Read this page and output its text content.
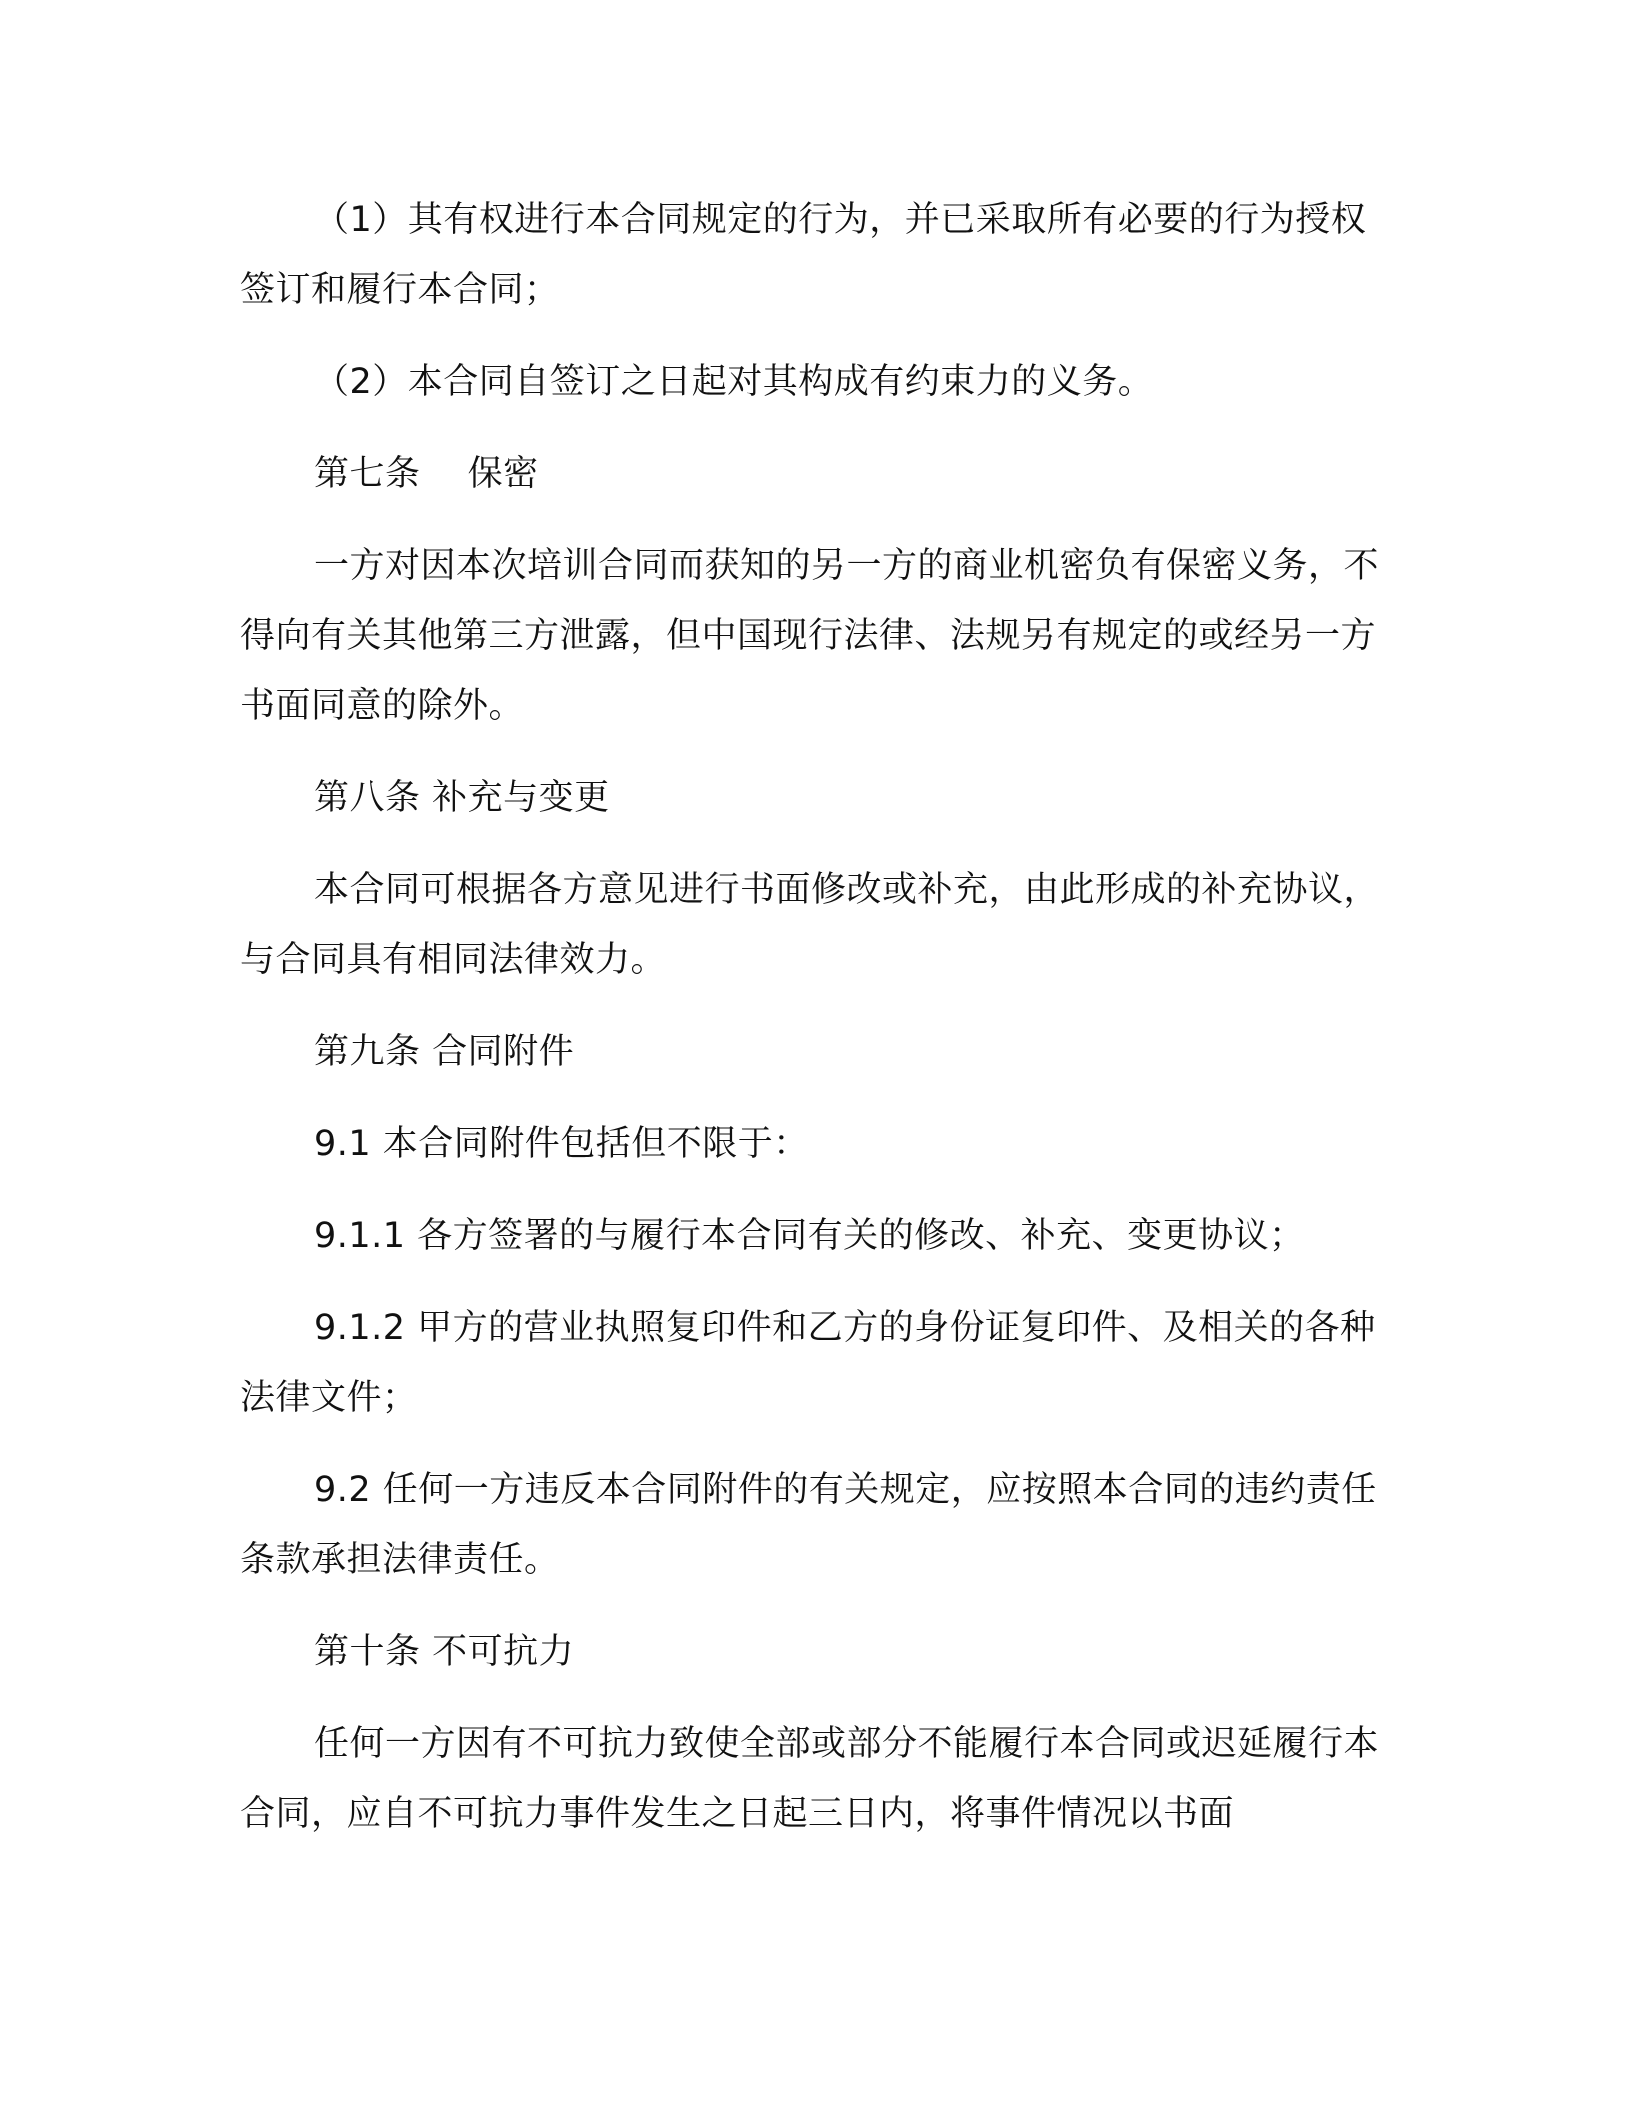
（1）其有权进行本合同规定的行为，并已采取所有必要的行为授权签订和履行本合同；

（2）本合同自签订之日起对其构成有约束力的义务。

第七条　 保密

一方对因本次培训合同而获知的另一方的商业机密负有保密义务，不得向有关其他第三方泄露，但中国现行法律、法规另有规定的或经另一方书面同意的除外。

第八条 补充与变更

本合同可根据各方意见进行书面修改或补充，由此形成的补充协议，与合同具有相同法律效力。

第九条 合同附件

9.1 本合同附件包括但不限于：

9.1.1 各方签署的与履行本合同有关的修改、补充、变更协议；

9.1.2 甲方的营业执照复印件和乙方的身份证复印件、及相关的各种法律文件；

9.2 任何一方违反本合同附件的有关规定，应按照本合同的违约责任条款承担法律责任。

第十条 不可抗力

任何一方因有不可抗力致使全部或部分不能履行本合同或迟延履行本合同，应自不可抗力事件发生之日起三日内，将事件情况以书面
